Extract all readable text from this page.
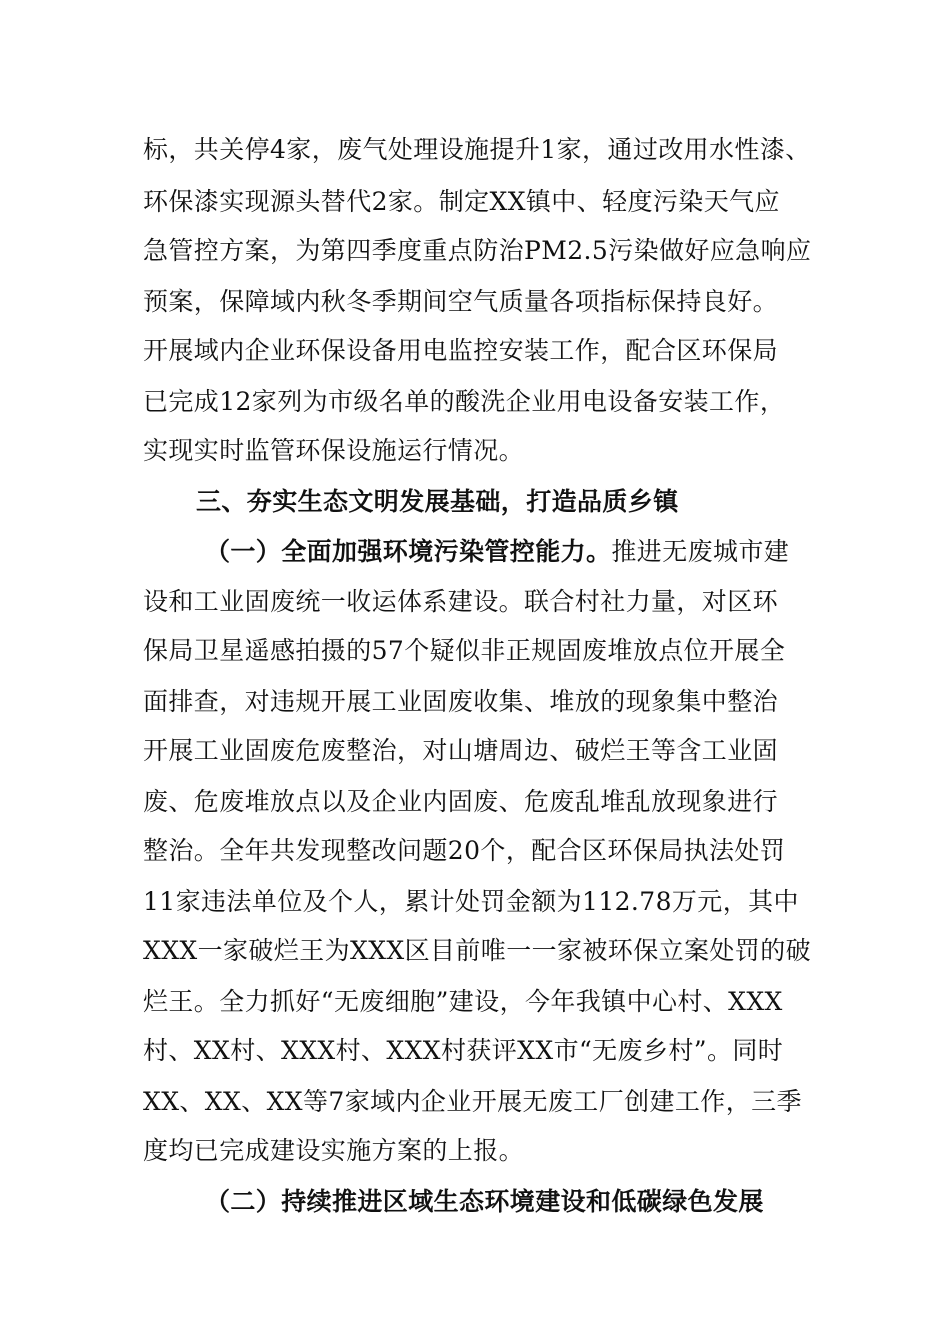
标，共关停4家，废气处理设施提升1家，通过改用水性漆、
环保漆实现源头替代2家。制定XX镇中、轻度污染天气应
急管控方案，为第四季度重点防治PM2.5污染做好应急响应
预案，保障域内秋冬季期间空气质量各项指标保持良好。
开展域内企业环保设备用电监控安装工作，配合区环保局
已完成12家列为市级名单的酸洗企业用电设备安装工作，
实现实时监管环保设施运行情况。
三、夯实生态文明发展基础，打造品质乡镇
（一）全面加强环境污染管控能力。推进无废城市建
设和工业固废统一收运体系建设。联合村社力量，对区环
保局卫星遥感拍摄的57个疑似非正规固废堆放点位开展全
面排查，对违规开展工业固废收集、堆放的现象集中整治
开展工业固废危废整治，对山塘周边、破烂王等含工业固
废、危废堆放点以及企业内固废、危废乱堆乱放现象进行
整治。全年共发现整改问题20个，配合区环保局执法处罚
11家违法单位及个人，累计处罚金额为112.78万元，其中
XXX一家破烂王为XXX区目前唯一一家被环保立案处罚的破
烂王。全力抓好“无废细胞”建设，今年我镇中心村、XXX
村、XX村、XXX村、XXX村获评XX市“无废乡村”。同时
XX、XX、XX等7家域内企业开展无废工厂创建工作，三季
度均已完成建设实施方案的上报。
（二）持续推进区域生态环境建设和低碳绿色发展
